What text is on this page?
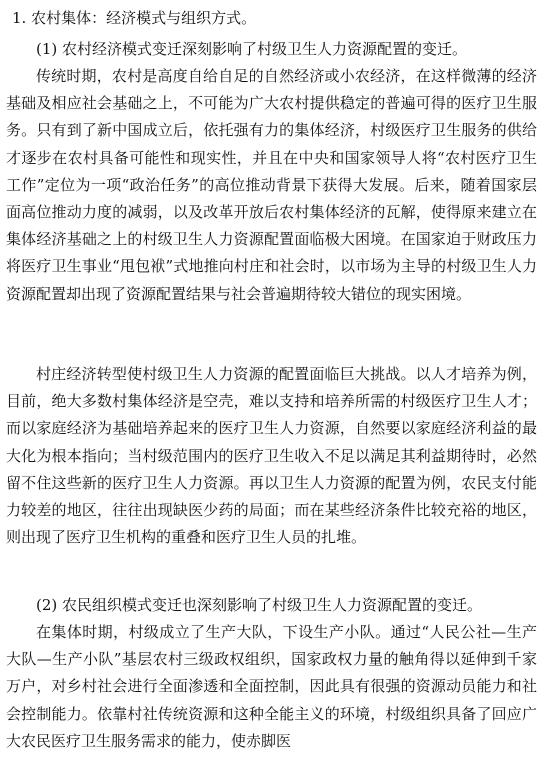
1. 农村集体：经济模式与组织方式。

(1) 农村经济模式变迁深刻影响了村级卫生人力资源配置的变迁。

传统时期，农村是高度自给自足的自然经济或小农经济，在这样微薄的经济基础及相应社会基础之上，不可能为广大农村提供稳定的普遍可得的医疗卫生服务。只有到了新中国成立后，依托强有力的集体经济，村级医疗卫生服务的供给才逐步在农村具备可能性和现实性，并且在中央和国家领导人将“农村医疗卫生工作”定位为一项“政治任务”的高位推动背景下获得大发展。后来，随着国家层面高位推动力度的减弱，以及改革开放后农村集体经济的瓦解，使得原来建立在集体经济基础之上的村级卫生人力资源配置面临极大困境。在国家迫于财政压力将医疗卫生事业“甩包袱”式地推向村庄和社会时，以市场为主导的村级卫生人力资源配置却出现了资源配置结果与社会普遍期待较大错位的现实困境。

村庄经济转型使村级卫生人力资源的配置面临巨大挑战。以人才培养为例，目前，绝大多数村集体经济是空壳，难以支持和培养所需的村级医疗卫生人才；而以家庭经济为基础培养起来的医疗卫生人力资源，自然要以家庭经济利益的最大化为根本指向；当村级范围内的医疗卫生收入不足以满足其利益期待时，必然留不住这些新的医疗卫生人力资源。再以卫生人力资源的配置为例，农民支付能力较差的地区，往往出现缺医少药的局面；而在某些经济条件比较充裕的地区，则出现了医疗卫生机构的重叠和医疗卫生人员的扎堆。

(2) 农民组织模式变迁也深刻影响了村级卫生人力资源配置的变迁。

在集体时期，村级成立了生产大队，下设生产小队。通过“人民公社—生产大队—生产小队”基层农村三级政权组织，国家政权力量的触角得以延伸到千家万户，对乡村社会进行全面渗透和全面控制，因此具有很强的资源动员能力和社会控制能力。依靠村社传统资源和这种全能主义的环境，村级组织具备了回应广大农民医疗卫生服务需求的能力，使赤脚医
